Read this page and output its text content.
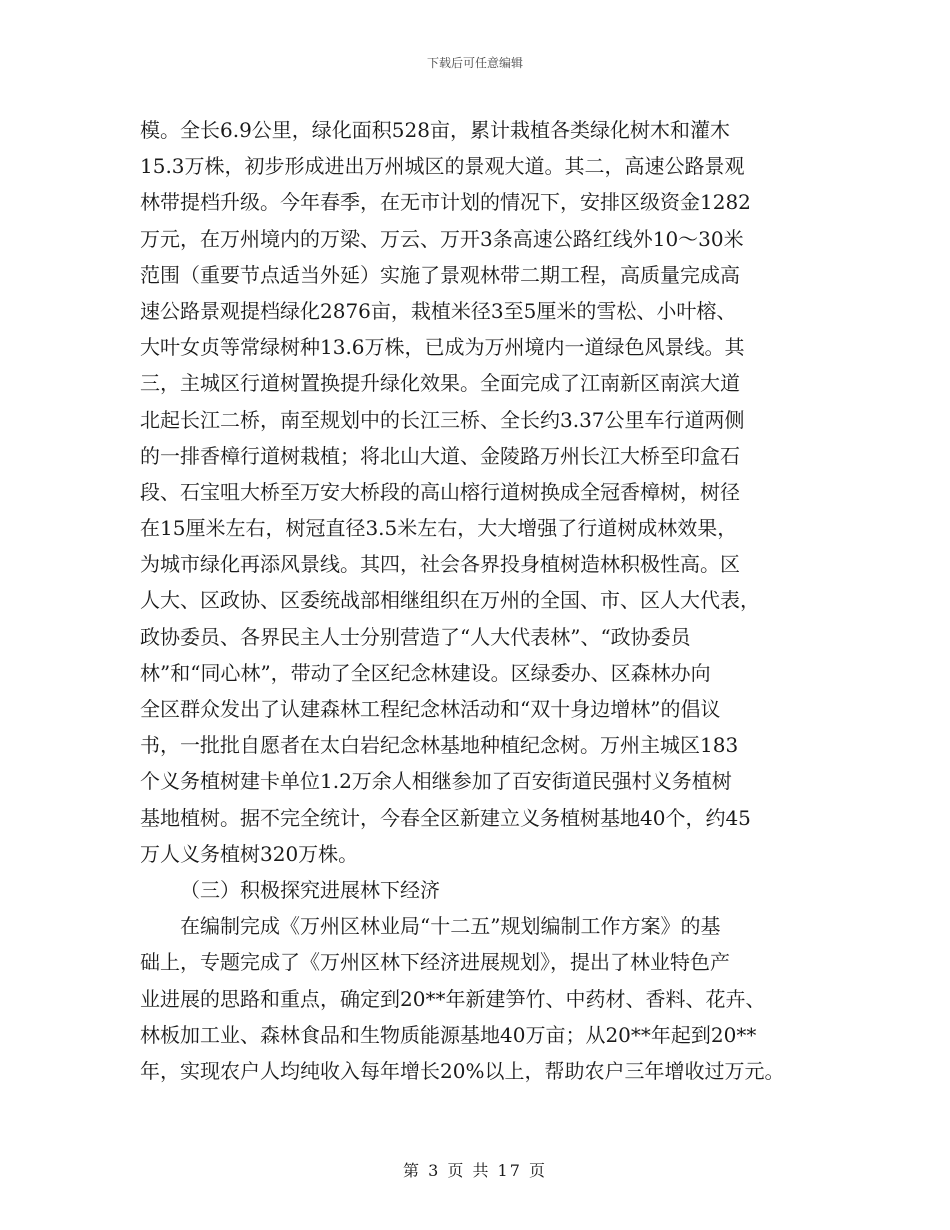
下载后可任意编辑
模。全长6.9公里，绿化面积528亩，累计栽植各类绿化树木和灌木
15.3万株，初步形成进出万州城区的景观大道。其二，高速公路景观
林带提档升级。今年春季，在无市计划的情况下，安排区级资金1282
万元，在万州境内的万梁、万云、万开3条高速公路红线外10～30米
范围（重要节点适当外延）实施了景观林带二期工程，高质量完成高
速公路景观提档绿化2876亩，栽植米径3至5厘米的雪松、小叶榕、
大叶女贞等常绿树种13.6万株，已成为万州境内一道绿色风景线。其
三，主城区行道树置换提升绿化效果。全面完成了江南新区南滨大道
北起长江二桥，南至规划中的长江三桥、全长约3.37公里车行道两侧
的一排香樟行道树栽植；将北山大道、金陵路万州长江大桥至印盒石
段、石宝咀大桥至万安大桥段的高山榕行道树换成全冠香樟树，树径
在15厘米左右，树冠直径3.5米左右，大大增强了行道树成林效果，
为城市绿化再添风景线。其四，社会各界投身植树造林积极性高。区
人大、区政协、区委统战部相继组织在万州的全国、市、区人大代表，
政协委员、各界民主人士分别营造了“人大代表林”、“政协委员
林”和“同心林”，带动了全区纪念林建设。区绿委办、区森林办向
全区群众发出了认建森林工程纪念林活动和“双十身边增林”的倡议
书，一批批自愿者在太白岩纪念林基地种植纪念树。万州主城区183
个义务植树建卡单位1.2万余人相继参加了百安街道民强村义务植树
基地植树。据不完全统计，今春全区新建立义务植树基地40个，约45
万人义务植树320万株。
（三）积极探究进展林下经济
在编制完成《万州区林业局“十二五”规划编制工作方案》的基
础上，专题完成了《万州区林下经济进展规划》，提出了林业特色产
业进展的思路和重点，确定到20**年新建笋竹、中药材、香料、花卉、
林板加工业、森林食品和生物质能源基地40万亩；从20**年起到20**
年，实现农户人均纯收入每年增长20%以上，帮助农户三年增收过万元。
第 3 页 共 17 页
